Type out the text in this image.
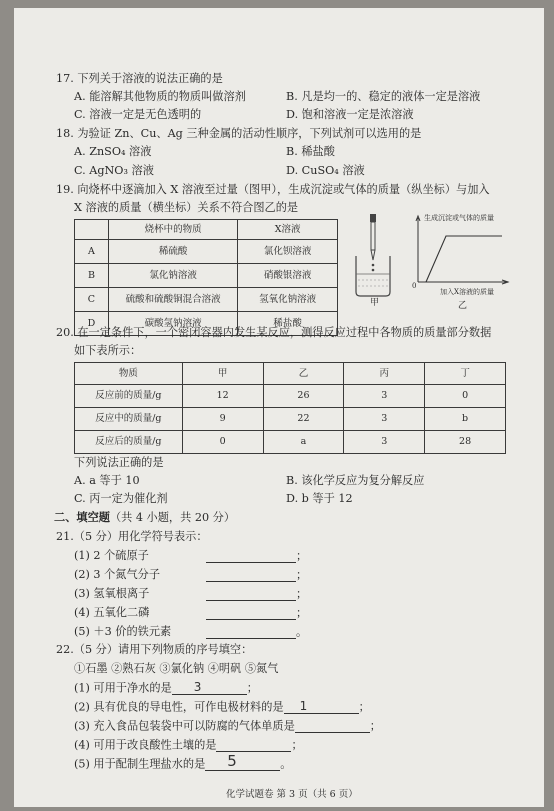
17. 下列关于溶液的说法正确的是
A. 能溶解其他物质的物质叫做溶剂	B. 凡是均一的、稳定的液体一定是溶液
C. 溶液一定是无色透明的	D. 饱和溶液一定是浓溶液
18. 为验证 Zn、Cu、Ag 三种金属的活动性顺序，下列试剂可以选用的是
A. ZnSO₄ 溶液	B. 稀盐酸
C. AgNO₃ 溶液	D. CuSO₄ 溶液
19. 向烧杯中逐滴加入 X 溶液至过量（图甲），生成沉淀或气体的质量（纵坐标）与加入
X 溶液的质量（横坐标）关系不符合图乙的是
	烧杯中的物质	X溶液
A	稀硫酸	氯化钡溶液
B	氯化钠溶液	硝酸银溶液
C	硫酸和硫酸铜混合溶液	氢氧化钠溶液
D	碳酸氢钠溶液	稀盐酸
甲
生成沉淀或气体的质量
0
加入X溶液的质量
乙
20. 在一定条件下，一个密闭容器内发生某反应，测得反应过程中各物质的质量部分数据
如下表所示：
物质	甲	乙	丙	丁
反应前的质量/g	12	26	3	0
反应中的质量/g	9	22	3	b
反应后的质量/g	0	a	3	28
下列说法正确的是
A. a 等于 10	B. 该化学反应为复分解反应
C. 丙一定为催化剂	D. b 等于 12
二、填空题（共 4 小题，共 20 分）
21.（5 分）用化学符号表示：
(1) 2 个硫原子
(2) 3 个氮气分子
(3) 氢氧根离子
(4) 五氧化二磷
(5) ＋3 价的铁元素
；
；
；
；
。
22.（5 分）请用下列物质的序号填空：
①石墨 ②熟石灰 ③氯化钠 ④明矾 ⑤氮气
(1) 可用于净水的是 3	；
(2) 具有优良的导电性，可作电极材料的是 1	；
(3) 充入食品包装袋中可以防腐的气体单质是	；
(4) 可用于改良酸性土壤的是	；
(5) 用于配制生理盐水的是 5	。
化学试题卷 第 3 页（共 6 页）
